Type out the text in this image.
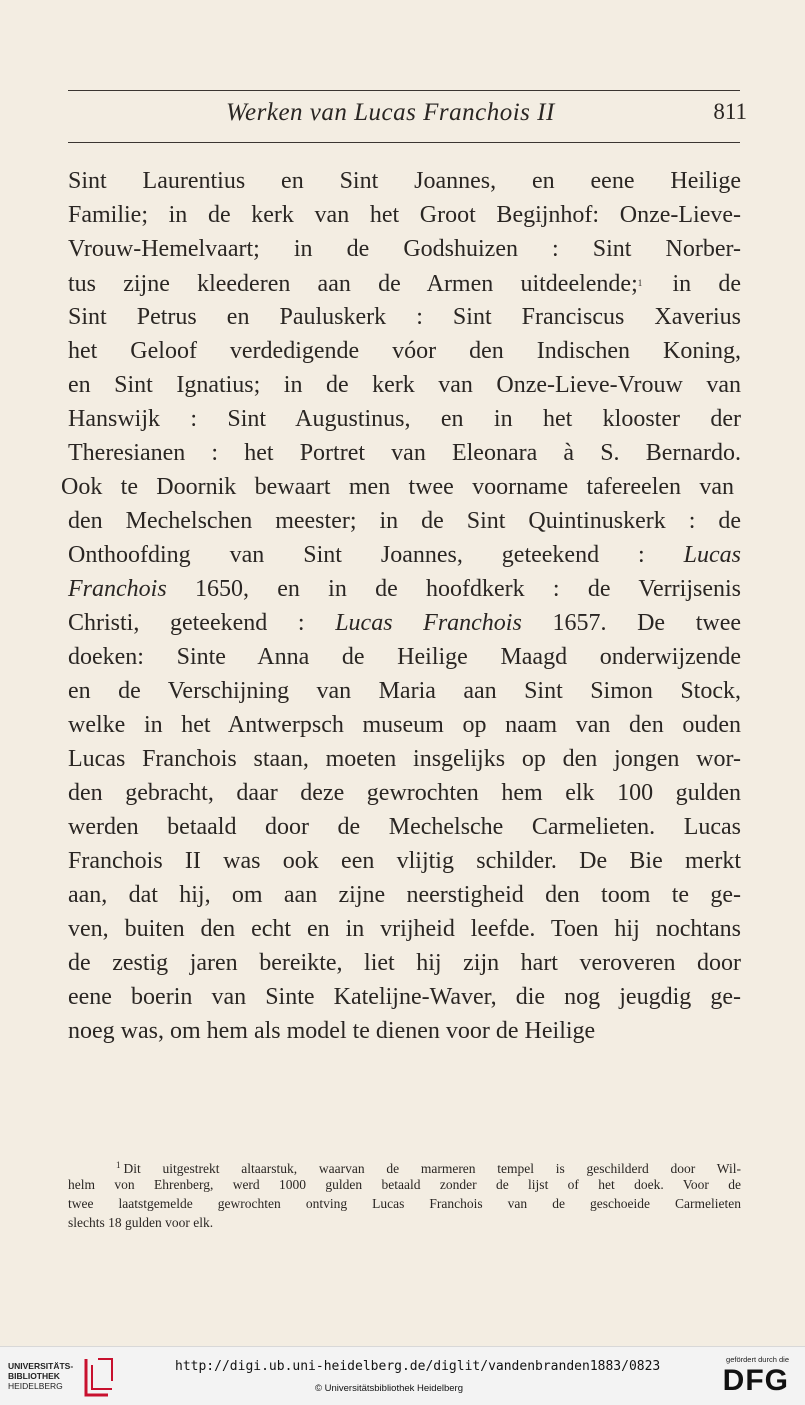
Werken van Lucas Franchois II	811
Sint Laurentius en Sint Joannes, en eene Heilige
Familie; in de kerk van het Groot Begijnhof: Onze-Lieve-
Vrouw-Hemelvaart; in de Godshuizen : Sint Norber-
tus zijne kleederen aan de Armen uitdeelende;$^1$ in de
Sint Petrus en Pauluskerk : Sint Franciscus Xaverius
het Geloof verdedigende vóor den Indischen Koning,
en Sint Ignatius; in de kerk van Onze-Lieve-Vrouw van
Hanswijk : Sint Augustinus, en in het klooster der
Theresianen : het Portret van Eleonara à S. Bernardo.
Ook te Doornik bewaart men twee voorname tafereelen van
den Mechelschen meester; in de Sint Quintinuskerk : de
Onthoofding van Sint Joannes, geteekend : Lucas
Franchois 1650, en in de hoofdkerk : de Verrijsenis
Christi, geteekend : Lucas Franchois 1657. De twee
doeken: Sinte Anna de Heilige Maagd onderwijzende
en de Verschijning van Maria aan Sint Simon Stock,
welke in het Antwerpsch museum op naam van den ouden
Lucas Franchois staan, moeten insgelijks op den jongen wor-
den gebracht, daar deze gewrochten hem elk 100 gulden
werden betaald door de Mechelsche Carmelieten. Lucas
Franchois II was ook een vlijtig schilder. De Bie merkt
aan, dat hij, om aan zijne neerstigheid den toom te ge-
ven, buiten den echt en in vrijheid leefde. Toen hij nochtans
de zestig jaren bereikte, liet hij zijn hart veroveren door
eene boerin van Sinte Katelijne-Waver, die nog jeugdig ge-
noeg was, om hem als model te dienen voor de Heilige
$^1$ Dit uitgestrekt altaarstuk, waarvan de marmeren tempel is geschilderd door Wil-
helm von Ehrenberg, werd 1000 gulden betaald zonder de lijst of het doek. Voor de
twee laatstgemelde gewrochten ontving Lucas Franchois van de geschoeide Carmelieten
slechts 18 gulden voor elk.
UNIVERSITÄTS-
BIBLIOTHEK
HEIDELBERG
http://digi.ub.uni-heidelberg.de/diglit/vandenbranden1883/0823
© Universitätsbibliothek Heidelberg
gefördert durch die
DFG
